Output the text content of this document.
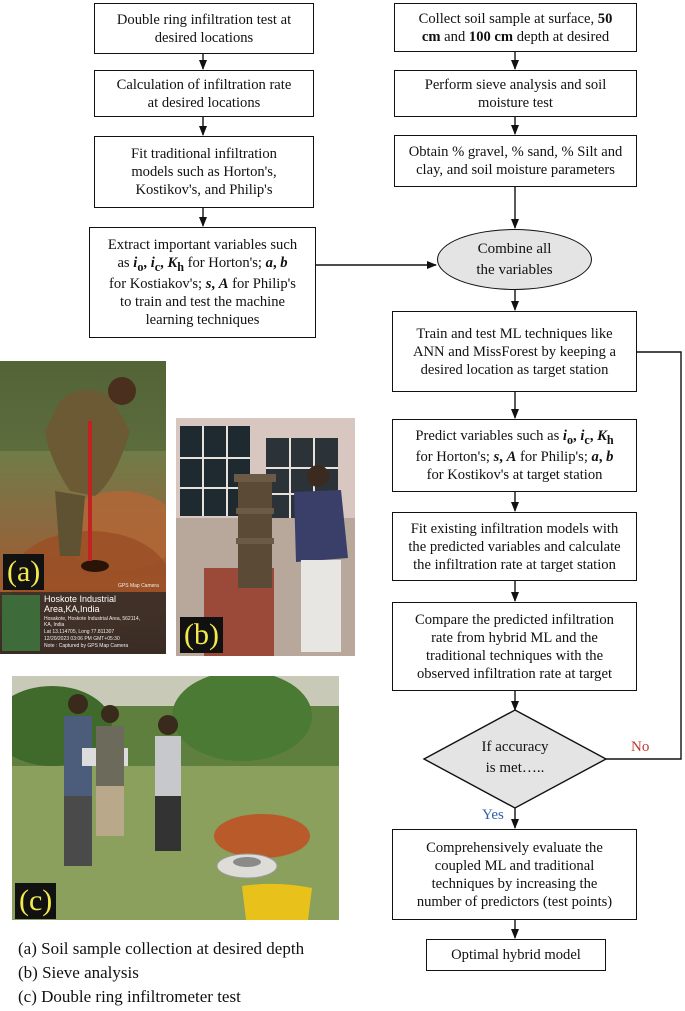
Double ring infiltration test at
desired locations
Calculation of infiltration rate
at desired locations
Fit traditional infiltration
models such as Horton's,
Kostikov's, and Philip's
Extract important variables such
as $i_o$, $i_c$, $K_h$ for Horton's; a, b
for Kostiakov's; s, A for Philip's
to train and test the machine
learning techniques
Collect soil sample at surface, 50
cm and 100 cm depth at desired
Perform sieve analysis and soil
moisture test
Obtain % gravel, % sand, % Silt and
clay, and soil moisture parameters
Combine all
the variables
Train and test ML techniques like
ANN and MissForest by keeping a
desired location as target station
Predict variables such as $i_o$, $i_c$, $K_h$
for Horton's; s, A for Philip's; a, b
for Kostikov's at target station
Fit existing infiltration models with
the predicted variables and calculate
the infiltration rate at target station
Compare the predicted infiltration
rate from hybrid ML and the
traditional techniques with the
observed infiltration rate at target
If accuracy
is met…..
No
Yes
Comprehensively evaluate the
coupled ML and traditional
techniques by increasing the
number of predictors (test points)
Optimal hybrid model
(a)	GPS Map Camera
Hoskote Industrial Area,KA,India
Hosakote, Hoskote Industrial Area, 562114,
KA, India
Lat 13.114705, Long 77.811307
12/20/2023 03:06 PM GMT+05:30
Note : Captured by GPS Map Camera (b)
(c)
(a) Soil sample collection at desired depth
(b) Sieve analysis
(c) Double ring infiltrometer test
